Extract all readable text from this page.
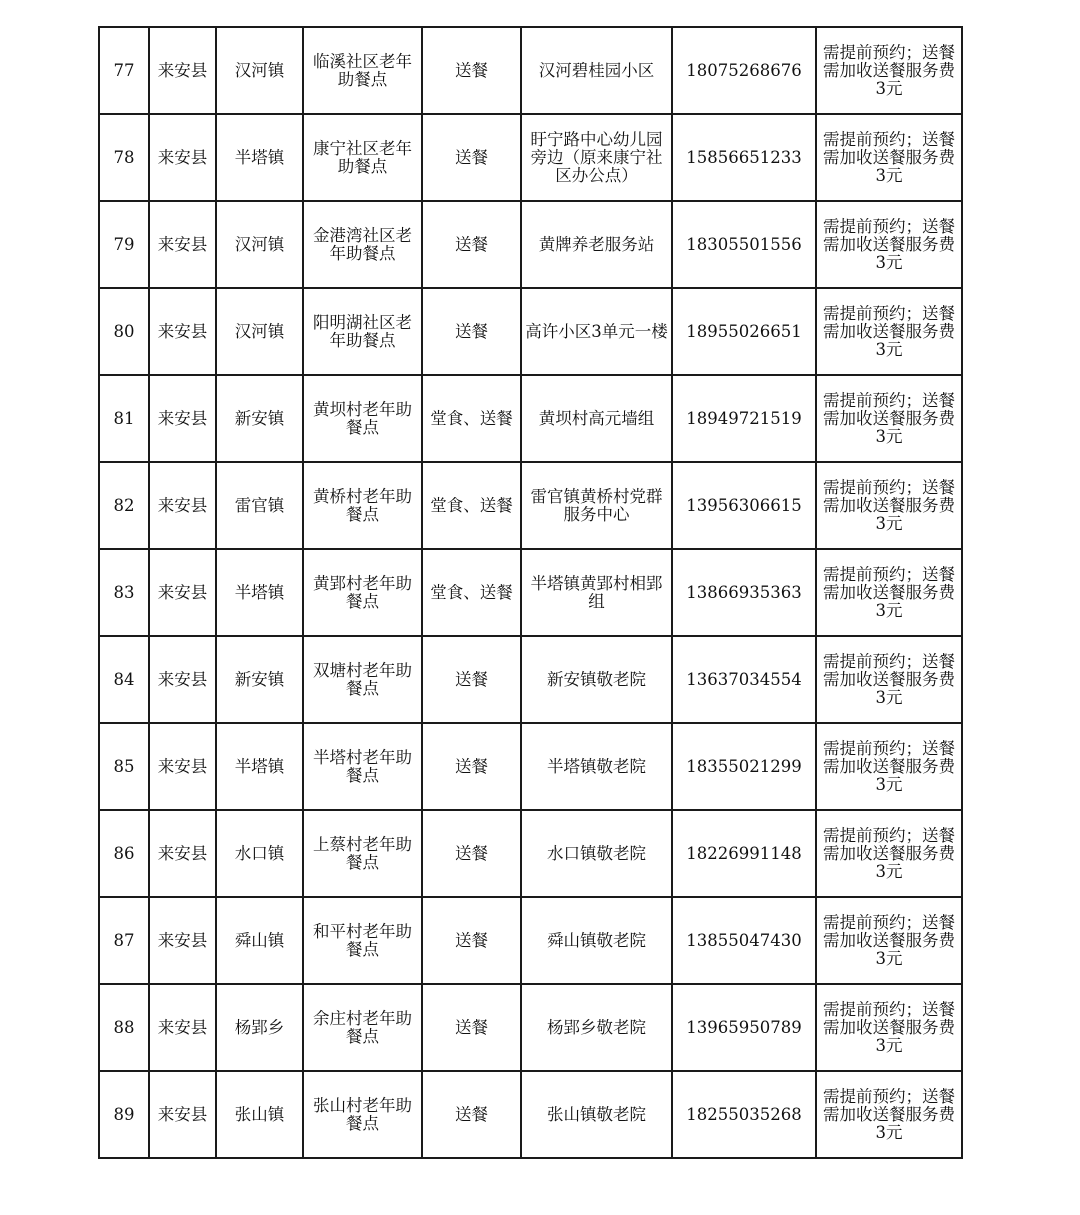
77	来安县	汉河镇	临溪社区老年助餐点	送餐	汉河碧桂园小区	18075268676	需提前预约；送餐需加收送餐服务费3元
78	来安县	半塔镇	康宁社区老年助餐点	送餐	盱宁路中心幼儿园旁边（原来康宁社区办公点）	15856651233	需提前预约；送餐需加收送餐服务费3元
79	来安县	汉河镇	金港湾社区老年助餐点	送餐	黄牌养老服务站	18305501556	需提前预约；送餐需加收送餐服务费3元
80	来安县	汉河镇	阳明湖社区老年助餐点	送餐	高许小区3单元一楼	18955026651	需提前预约；送餐需加收送餐服务费3元
81	来安县	新安镇	黄坝村老年助餐点	堂食、送餐	黄坝村高元墙组	18949721519	需提前预约；送餐需加收送餐服务费3元
82	来安县	雷官镇	黄桥村老年助餐点	堂食、送餐	雷官镇黄桥村党群服务中心	13956306615	需提前预约；送餐需加收送餐服务费3元
83	来安县	半塔镇	黄郢村老年助餐点	堂食、送餐	半塔镇黄郢村相郢组	13866935363	需提前预约；送餐需加收送餐服务费3元
84	来安县	新安镇	双塘村老年助餐点	送餐	新安镇敬老院	13637034554	需提前预约；送餐需加收送餐服务费3元
85	来安县	半塔镇	半塔村老年助餐点	送餐	半塔镇敬老院	18355021299	需提前预约；送餐需加收送餐服务费3元
86	来安县	水口镇	上蔡村老年助餐点	送餐	水口镇敬老院	18226991148	需提前预约；送餐需加收送餐服务费3元
87	来安县	舜山镇	和平村老年助餐点	送餐	舜山镇敬老院	13855047430	需提前预约；送餐需加收送餐服务费3元
88	来安县	杨郢乡	余庄村老年助餐点	送餐	杨郢乡敬老院	13965950789	需提前预约；送餐需加收送餐服务费3元
89	来安县	张山镇	张山村老年助餐点	送餐	张山镇敬老院	18255035268	需提前预约；送餐需加收送餐服务费3元
